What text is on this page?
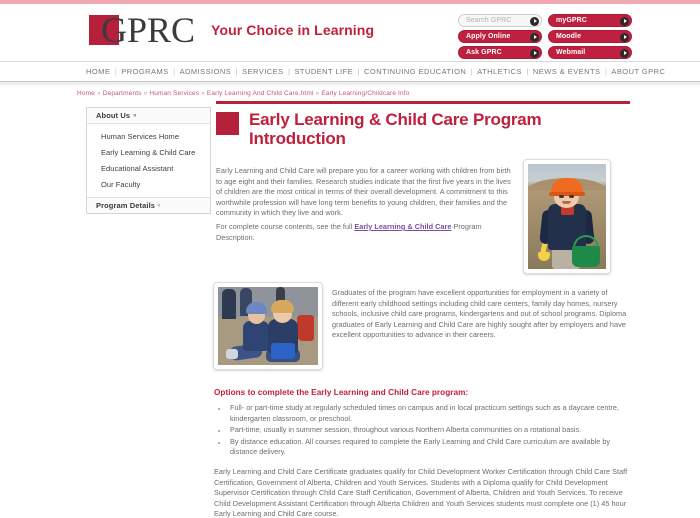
GPRC Your Choice in Learning
Search GPRC	myGPRC
Apply Online	Moodle
Ask GPRC	Webmail
HOME | PROGRAMS | ADMISSIONS | SERVICES | STUDENT LIFE | CONTINUING EDUCATION | ATHLETICS | NEWS & EVENTS | ABOUT GPRC
Home » Departments » Human Services » Early Learning And Child Care.html » Early Learning/Childcare Info
About Us »
Human Services Home
Early Learning & Child Care
Educational Assistant
Our Faculty
Program Details ‹
Early Learning & Child Care Program Introduction
Early Learning and Child Care will prepare you for a career working with children from birth to age eight and their families. Research studies indicate that the first five years in the lives of children are the most critical in terms of their overall development. A commitment to this worthwhile profession will have long term benefits to young children, their families and the community in which they live and work.
For complete course contents, see the full Early Learning & Child Care Program Description.
Graduates of the program have excellent opportunities for employment in a variety of different early childhood settings including child care centers, family day homes, nursery schools, inclusive child care programs, kindergartens and out of school programs. Diploma graduates of Early Learning and Child Care are highly sought after by employers and have excellent opportunities to advance in their careers.
Options to complete the Early Learning and Child Care program:
• Full- or part-time study at regularly scheduled times on campus and in local practicum settings such as a daycare centre, kindergarten classroom, or preschool.
• Part-time, usually in summer session, throughout various Northern Alberta communities on a rotational basis.
• By distance education. All courses required to complete the Early Learning and Child Care curriculum are available by distance delivery.
Early Learning and Child Care Certificate graduates qualify for Child Development Worker Certification through Child Care Staff Certification, Government of Alberta, Children and Youth Services. Students with a Diploma qualify for Child Development Supervisor Certification through Child Care Staff Certification, Government of Alberta, Children and Youth Services. To receive Child Development Assistant Certification through Alberta Children and Youth Services students must complete one (1) 45 hour Early Learning and Child Care course.
